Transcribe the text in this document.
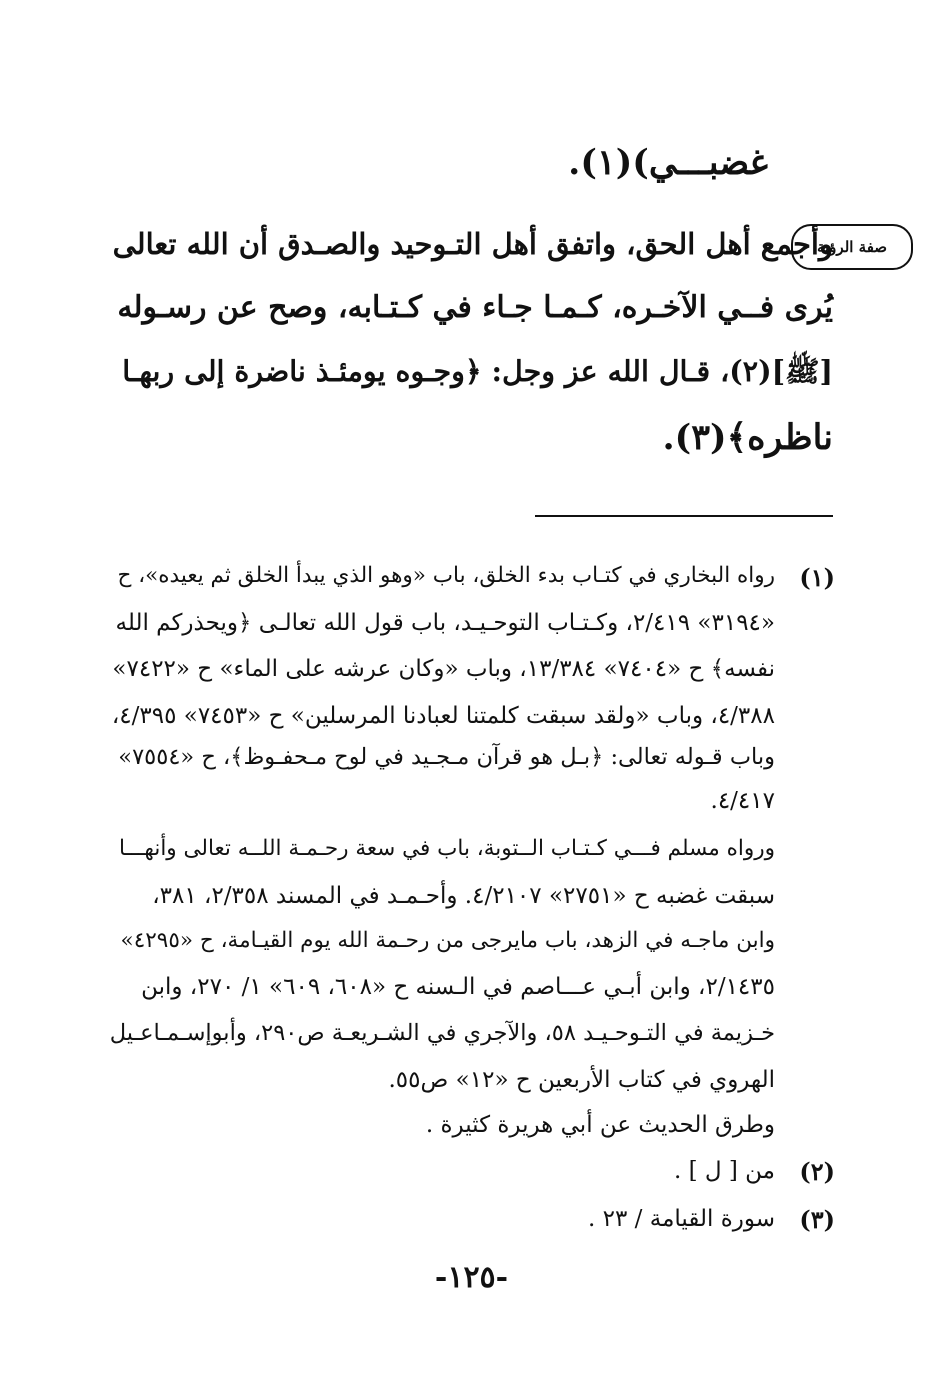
صفة الرؤية
غضبـــي)(١).
وأجمع أهل الحق، واتفق أهل التـوحيد والصـدق أن الله تعالى
يُرى فــي الآخـره، كـمـا جـاء في كـتـابه، وصح عن رسـوله
[ﷺ](٢)، قـال الله عز وجل: ﴿وجـوه يومئـذ ناضرة إلى ربهـا
ناظره﴾(٣).
(١)
رواه البخاري في كتـاب بدء الخلق، باب «وهو الذي يبدأ الخلق ثم يعيده»، ح
«٣١٩٤» ٢/٤١٩، وكـتـاب التوحـيـد، باب قول الله تعالـى ﴿ويحذركم الله
نفسه﴾ ح «٧٤٠٤» ١٣/٣٨٤، وباب «وكان عرشه على الماء» ح «٧٤٢٢»
٤/٣٨٨، وباب «ولقد سبقت كلمتنا لعبادنا المرسلين» ح «٧٤٥٣» ٤/٣٩٥،
وباب قـوله تعالى: ﴿بـل هو قرآن مـجـيد في لوح مـحفـوظ﴾، ح «٧٥٥٤»
٤/٤١٧.
ورواه مسلم فـــي كـتـاب الــتوبة، باب في سعة رحـمـة اللــه تعالى وأنهـــا
سبقت غضبه ح «٢٧٥١» ٤/٢١٠٧. وأحـمـد في المسند ٢/٣٥٨، ٣٨١،
وابن ماجـه في الزهد، باب مايرجى من رحـمة الله يوم القيـامة، ح «٤٢٩٥»
٢/١٤٣٥، وابن أبـي عـــاصم في الـسنه ح «٦٠٨، ٦٠٩» ١/ ٢٧٠، وابن
خـزيمة في التـوحـيـد ٥٨، والآجري في الشـريعـة ص٢٩٠، وأبوإسـمـاعـيل
الهروي في كتاب الأربعين ح «١٢» ص٥٥.
وطرق الحديث عن أبي هريرة كثيرة .
(٢)
من [ ل ] .
(٣)
سورة القيامة / ٢٣ .
-١٢٥-
